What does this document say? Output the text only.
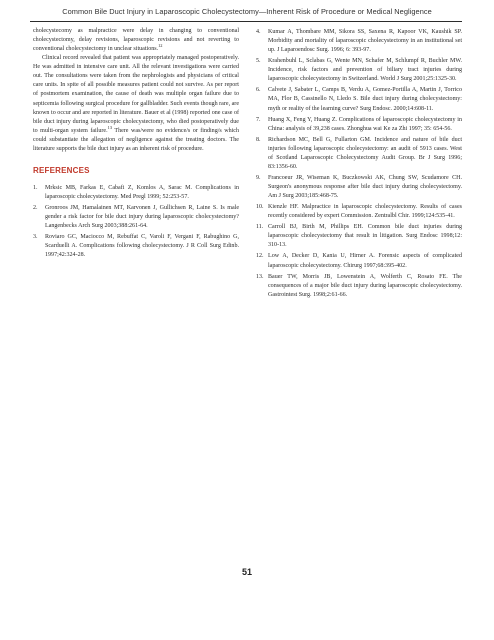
Common Bile Duct Injury in Laparoscopic Cholecystectomy—Inherent Risk of Procedure or Medical Negligence

cholecystecomy as malpractice were delay in changing to conventional cholecystectomy, delay revisions, laparoscopic revisions and not reverting to conventional cholecystectomy in unclear situations.$^{12}$

Clinical record revealed that patient was appropriately managed postoperatively. He was admitted in intensive care unit. All the relevant investigations were carried out. The consultations were taken from the nephrologists and physicians of critical care units. In spite of all possible measures patient could not survive. As per report of postmortem examination, the cause of death was multiple organ failure due to septicemia following surgical procedure for gallbladder. Such events though rare, are known to occur and are reported in literature. Bauer et al (1998) reported one case of bile duct injury during laparoscopic cholecystectomy, who died postoperatively due to multi-organ system failure.$^{13}$ There was/were no evidence/s or finding/s which could substantiate the allegation of negligence against the treating doctors. The literature supports the bile duct injury as an inherent risk of procedure.

REFERENCES
1.	Mrksic MB, Farkas E, Cabafi Z, Komlos A, Sarac M. Complications in laparoscopic cholecystectomy. Med Pregl 1999; 52:253-57.
2.	Gronroos JM, Hamalainen MT, Karvonen J, Gullichsen R, Laine S. Is male gender a risk factor for bile duct injury during laparoscopic cholecystectomy? Langenbecks Arch Surg 2003;388:261-64.
3.	Roviaro GC, Maciocco M, Rebuffat C, Varoli F, Vergani F, Rabughino G, Scarduelli A. Complications following cholecystectomy. J R Coll Surg Edinb. 1997;42:324-28.
4.	Kumar A, Thombare MM, Sikora SS, Saxena R, Kapoor VK, Kaushik SP. Morbidity and mortality of laparoscopic cholecystectomy in an institutional set up. J Laparoendosc Surg. 1996; 6: 393-97.
5.	Krahenbuhl L, Sclabas G, Wente MN, Schafer M, Schlumpf R, Buchler MW. Incidence, risk factors and prevention of biliary tract injuries during laparoscopic cholecystectomy in Switzerland. World J Surg 2001;25:1325-30.
6.	Calvete J, Sabater L, Camps B, Verdu A, Gomez-Portilla A, Martin J, Torrico MA, Flor B, Cassinello N, Lledo S. Bile duct injury during cholecystectomy: myth or reality of the learning curve? Surg Endosc. 2000;14:608-11.
7.	Huang X, Feng Y, Huang Z. Complications of laparoscopic cholecystectomy in China: analysis of 39,238 cases. Zhonghua wai Ke za Zhi 1997; 35: 654-56.
8.	Richardson MC, Bell G, Fullarton GM. Incidence and nature of bile duct injuries following laparoscopic cholecystectomy: an audit of 5913 cases. West of Scotland Laparoscopic Cholecystectomy Audit Group. Br J Surg 1996; 83:1356-60.
9.	Francoeur JR, Wiseman K, Buczkowski AK, Chung SW, Scudamore CH. Surgeon's anonymous response after bile duct injury during cholecystectomy. Am J Surg 2003;185:468-75.
10. Kienzle HF. Malpractice in laparoscopic cholecystectomy. Results of cases recently considered by expert Commission. Zentralbl Chir. 1999;124:535-41.
11. Carroll BJ, Birth M, Phillips EH. Common bile duct injuries during laparoscopic cholecystectomy that result in litigation. Surg Endosc 1998;12: 310-13.
12. Low A, Decker D, Kania U, Hirner A. Forensic aspects of complicated laparoscopic cholecystectomy. Chirurg 1997;68:395-402.
13. Bauer TW, Morris JB, Lowenstein A, Wolferth C, Rosato FE. The consequences of a major bile duct injury during laparoscopic cholecystectomy. Gastrointest Surg. 1998;2:61-66.
51
